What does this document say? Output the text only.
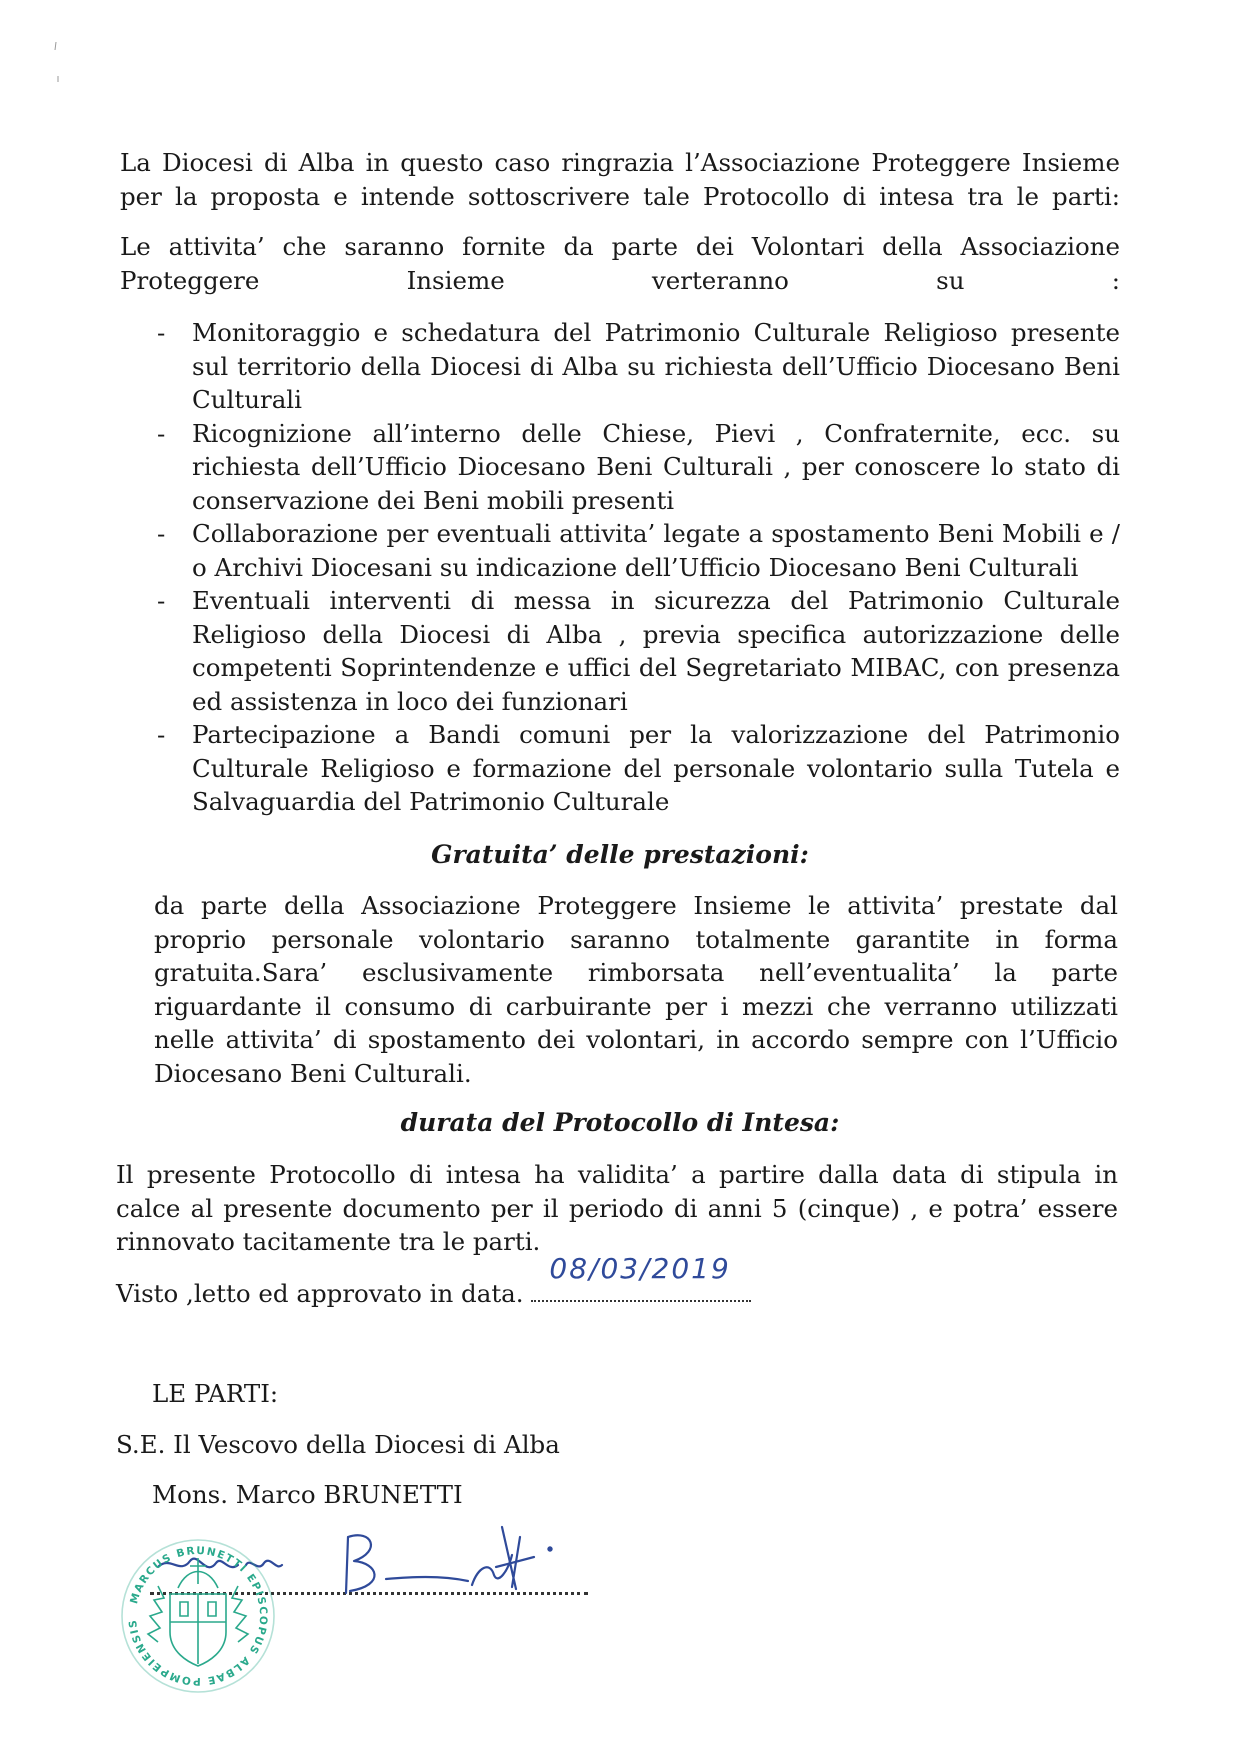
La Diocesi di Alba in questo caso ringrazia l’Associazione Proteggere Insieme per la proposta e intende sottoscrivere tale Protocollo di intesa tra le parti:
Le attivita’ che saranno fornite da parte dei Volontari della Associazione Proteggere Insieme verteranno su :
- Monitoraggio e schedatura del Patrimonio Culturale Religioso presente sul territorio della Diocesi di Alba su richiesta dell’Ufficio Diocesano Beni Culturali
- Ricognizione all’interno delle Chiese, Pievi , Confraternite, ecc. su richiesta dell’Ufficio Diocesano Beni Culturali , per conoscere lo stato di conservazione dei Beni mobili presenti
- Collaborazione per eventuali attivita’ legate a spostamento Beni Mobili e / o Archivi Diocesani su indicazione dell’Ufficio Diocesano Beni Culturali
- Eventuali interventi di messa in sicurezza del Patrimonio Culturale Religioso della Diocesi di Alba , previa specifica autorizzazione delle competenti Soprintendenze e uffici del Segretariato MIBAC, con presenza ed assistenza in loco dei funzionari
- Partecipazione a Bandi comuni per la valorizzazione del Patrimonio Culturale Religioso e formazione del personale volontario sulla Tutela e Salvaguardia del Patrimonio Culturale
Gratuita’ delle prestazioni:
da parte della Associazione Proteggere Insieme le attivita’ prestate dal proprio personale volontario saranno totalmente garantite in forma gratuita.Sara’ esclusivamente rimborsata nell’eventualita’ la parte riguardante il consumo di carbuirante per i mezzi che verranno utilizzati nelle attivita’ di spostamento dei volontari, in accordo sempre con l’Ufficio Diocesano Beni Culturali.
durata del Protocollo di Intesa:
Il presente Protocollo di intesa ha validita’ a partire dalla data di stipula in calce al presente documento per il periodo di anni 5 (cinque) , e potra’ essere rinnovato tacitamente tra le parti.
Visto ,letto ed approvato in data.
08/03/2019
LE PARTI:
S.E. Il Vescovo della Diocesi di Alba
Mons. Marco BRUNETTI
MARCUS BRUNETTI EPISCOPUS ALBAE POMPEIENSIS
